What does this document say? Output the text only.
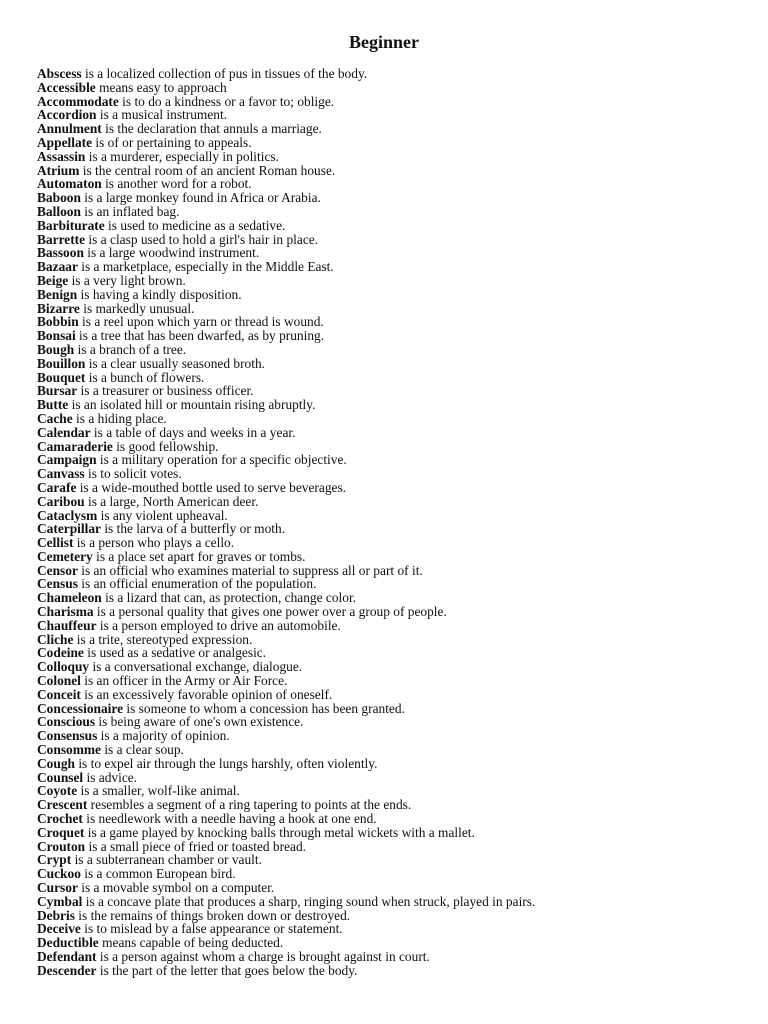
Beginner
Abscess is a localized collection of pus in tissues of the body.
Accessible means easy to approach
Accommodate is to do a kindness or a favor to; oblige.
Accordion is a musical instrument.
Annulment is the declaration that annuls a marriage.
Appellate is of or pertaining to appeals.
Assassin is a murderer, especially in politics.
Atrium is the central room of an ancient Roman house.
Automaton is another word for a robot.
Baboon is a large monkey found in Africa or Arabia.
Balloon is an inflated bag.
Barbiturate is used to medicine as a sedative.
Barrette is a clasp used to hold a girl's hair in place.
Bassoon is a large woodwind instrument.
Bazaar is a marketplace, especially in the Middle East.
Beige is a very light brown.
Benign is having a kindly disposition.
Bizarre is markedly unusual.
Bobbin is a reel upon which yarn or thread is wound.
Bonsai is a tree that has been dwarfed, as by pruning.
Bough is a branch of a tree.
Bouillon is a clear usually seasoned broth.
Bouquet is a bunch of flowers.
Bursar is a treasurer or business officer.
Butte is an isolated hill or mountain rising abruptly.
Cache is a hiding place.
Calendar is a table of days and weeks in a year.
Camaraderie is good fellowship.
Campaign is a military operation for a specific objective.
Canvass is to solicit votes.
Carafe is a wide-mouthed bottle used to serve beverages.
Caribou is a large, North American deer.
Cataclysm is any violent upheaval.
Caterpillar is the larva of a butterfly or moth.
Cellist is a person who plays a cello.
Cemetery is a place set apart for graves or tombs.
Censor is an official who examines material to suppress all or part of it.
Census is an official enumeration of the population.
Chameleon is a lizard that can, as protection, change color.
Charisma is a personal quality that gives one power over a group of people.
Chauffeur is a person employed to drive an automobile.
Cliche is a trite, stereotyped expression.
Codeine is used as a sedative or analgesic.
Colloquy is a conversational exchange, dialogue.
Colonel is an officer in the Army or Air Force.
Conceit is an excessively favorable opinion of oneself.
Concessionaire is someone to whom a concession has been granted.
Conscious is being aware of one's own existence.
Consensus is a majority of opinion.
Consomme is a clear soup.
Cough is to expel air through the lungs harshly, often violently.
Counsel is advice.
Coyote is a smaller, wolf-like animal.
Crescent resembles a segment of a ring tapering to points at the ends.
Crochet is needlework with a needle having a hook at one end.
Croquet is a game played by knocking balls through metal wickets with a mallet.
Crouton is a small piece of fried or toasted bread.
Crypt is a subterranean chamber or vault.
Cuckoo is a common European bird.
Cursor is a movable symbol on a computer.
Cymbal is a concave plate that produces a sharp, ringing sound when struck, played in pairs.
Debris is the remains of things broken down or destroyed.
Deceive is to mislead by a false appearance or statement.
Deductible means capable of being deducted.
Defendant is a person against whom a charge is brought against in court.
Descender is the part of the letter that goes below the body.
